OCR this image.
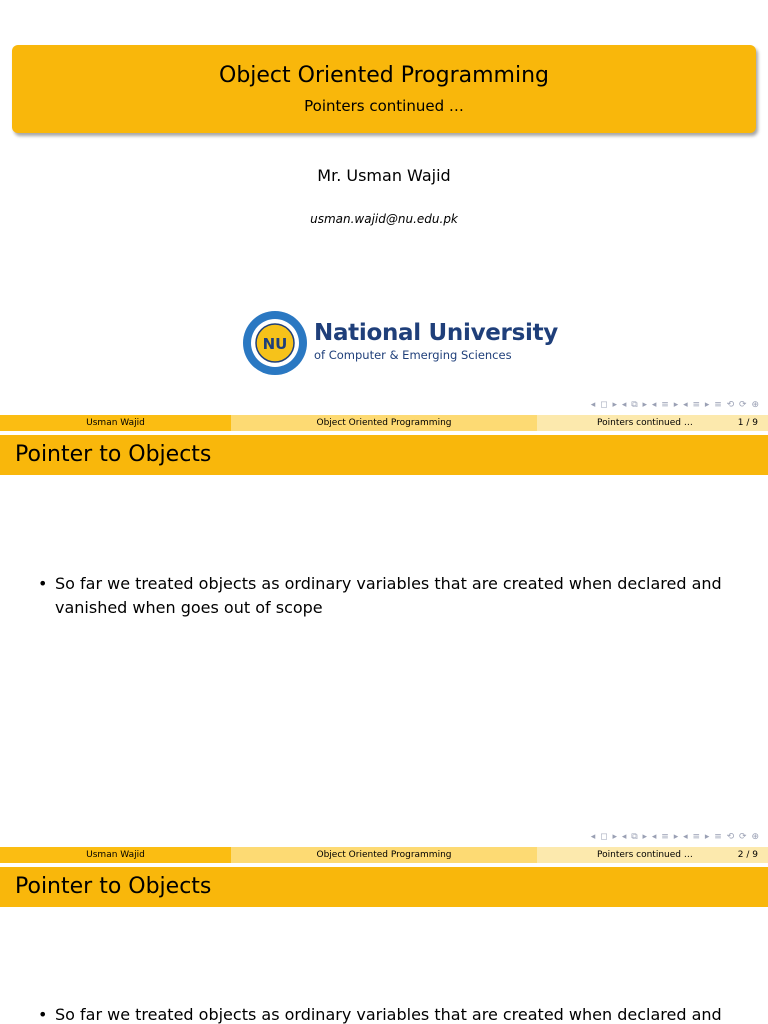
Object Oriented Programming
Pointers continued …
Mr. Usman Wajid
usman.wajid@nu.edu.pk
NU National University
of Computer & Emerging Sciences
◂ ◻ ▸ ◂ ⧉ ▸ ◂ ≡ ▸ ◂ ≡ ▸ ≡ ⟲ ⟳ ⊕
Usman Wajid	Object Oriented Programming	Pointers continued …	1 / 9
Pointer to Objects
• So far we treated objects as ordinary variables that are created when declared and vanished when goes out of scope
◂ ◻ ▸ ◂ ⧉ ▸ ◂ ≡ ▸ ◂ ≡ ▸ ≡ ⟲ ⟳ ⊕
Usman Wajid	Object Oriented Programming	Pointers continued …	2 / 9
Pointer to Objects
• So far we treated objects as ordinary variables that are created when declared and
